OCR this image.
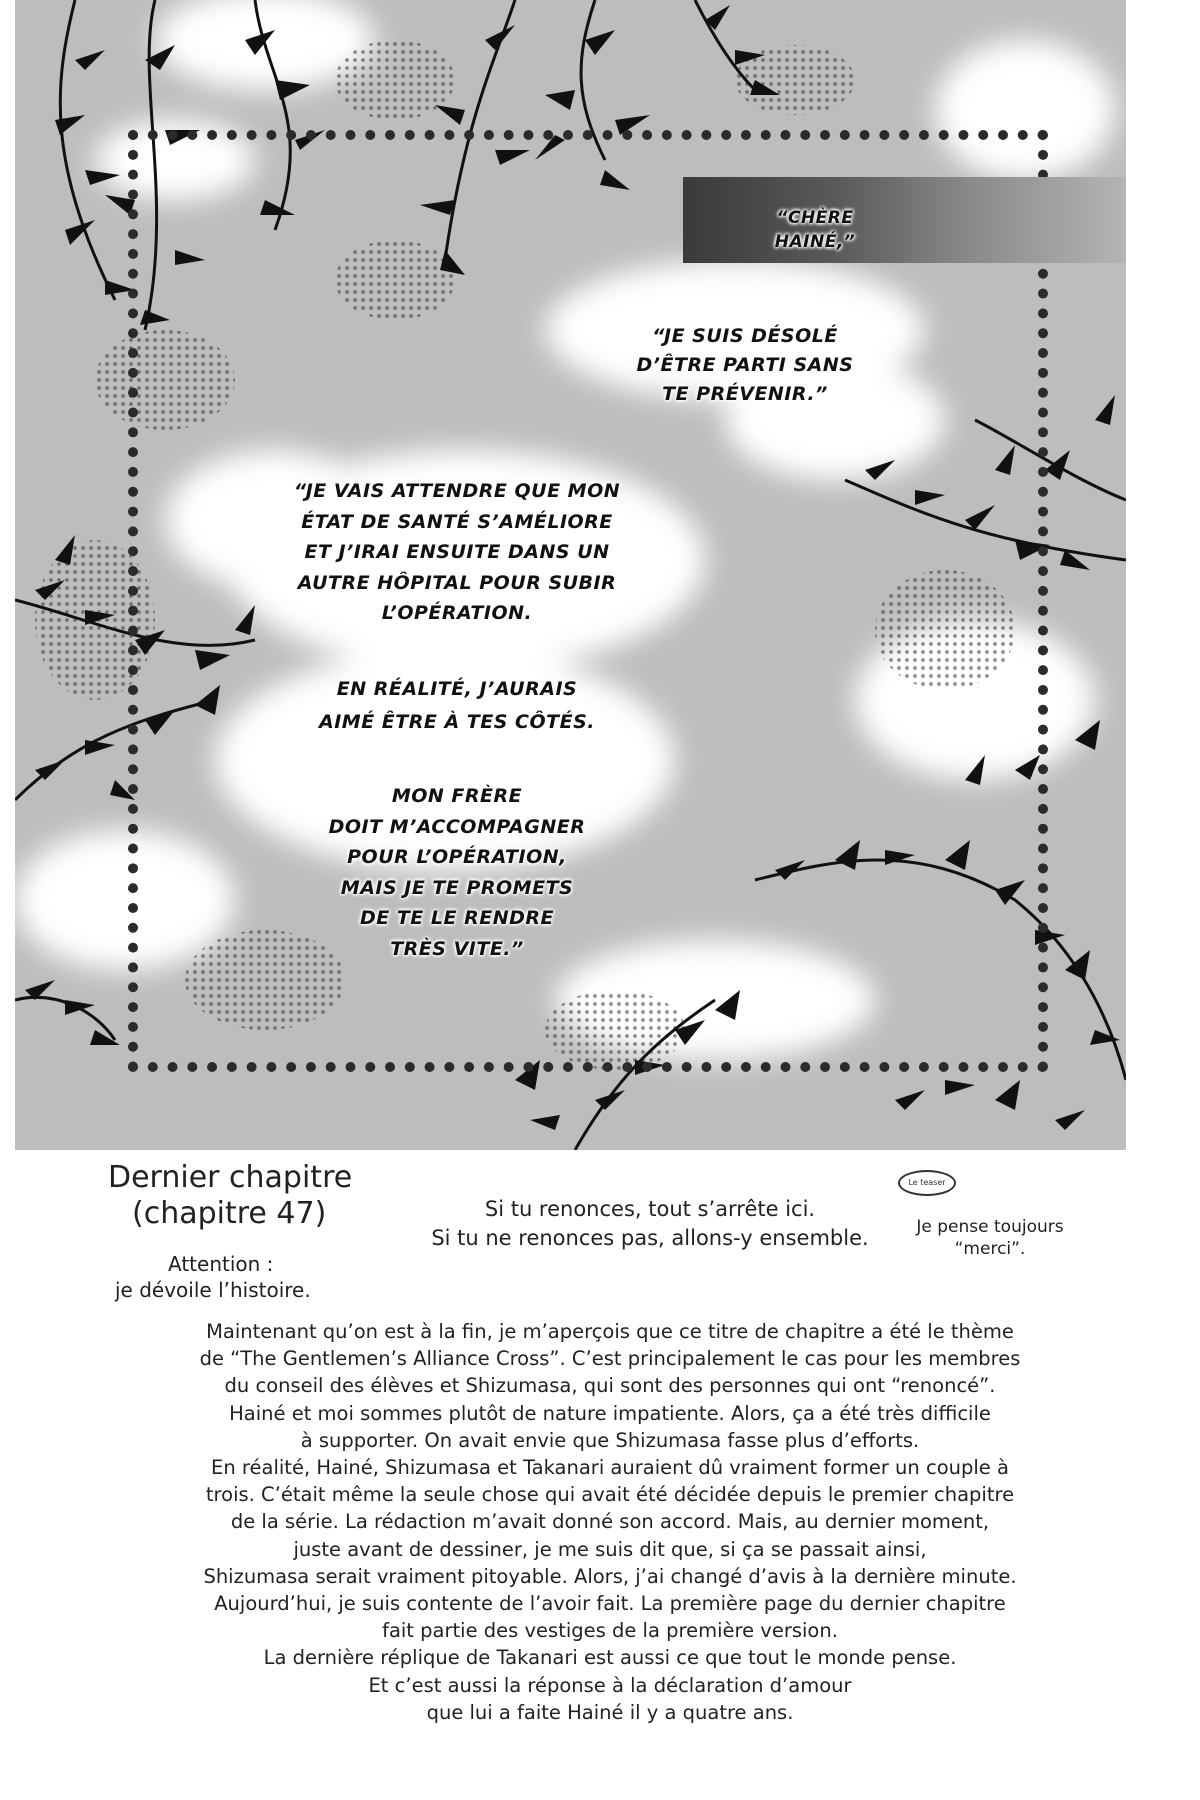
“CHÈRE HAINÉ,”
“JE SUIS DÉSOLÉ
D’ÊTRE PARTI SANS
TE PRÉVENIR.”
“JE VAIS ATTENDRE QUE MON
ÉTAT DE SANTÉ S’AMÉLIORE
ET J’IRAI ENSUITE DANS UN
AUTRE HÔPITAL POUR SUBIR
L’OPÉRATION.
EN RÉALITÉ, J’AURAIS
AIMÉ ÊTRE À TES CÔTÉS.
MON FRÈRE
DOIT M’ACCOMPAGNER
POUR L’OPÉRATION,
MAIS JE TE PROMETS
DE TE LE RENDRE
TRÈS VITE.”
Dernier chapitre
(chapitre 47)
Attention :
je dévoile l’histoire.
Si tu renonces, tout s’arrête ici.
Si tu ne renonces pas, allons-y ensemble.
Le teaser
Je pense toujours
“merci”.
Maintenant qu’on est à la fin, je m’aperçois que ce titre de chapitre a été le thème
de “The Gentlemen’s Alliance Cross”. C’est principalement le cas pour les membres
du conseil des élèves et Shizumasa, qui sont des personnes qui ont “renoncé”.
Hainé et moi sommes plutôt de nature impatiente. Alors, ça a été très difficile
à supporter. On avait envie que Shizumasa fasse plus d’efforts.
En réalité, Hainé, Shizumasa et Takanari auraient dû vraiment former un couple à
trois. C’était même la seule chose qui avait été décidée depuis le premier chapitre
de la série. La rédaction m’avait donné son accord. Mais, au dernier moment,
juste avant de dessiner, je me suis dit que, si ça se passait ainsi,
Shizumasa serait vraiment pitoyable. Alors, j’ai changé d’avis à la dernière minute.
Aujourd’hui, je suis contente de l’avoir fait. La première page du dernier chapitre
fait partie des vestiges de la première version.
La dernière réplique de Takanari est aussi ce que tout le monde pense.
Et c’est aussi la réponse à la déclaration d’amour
que lui a faite Hainé il y a quatre ans.
